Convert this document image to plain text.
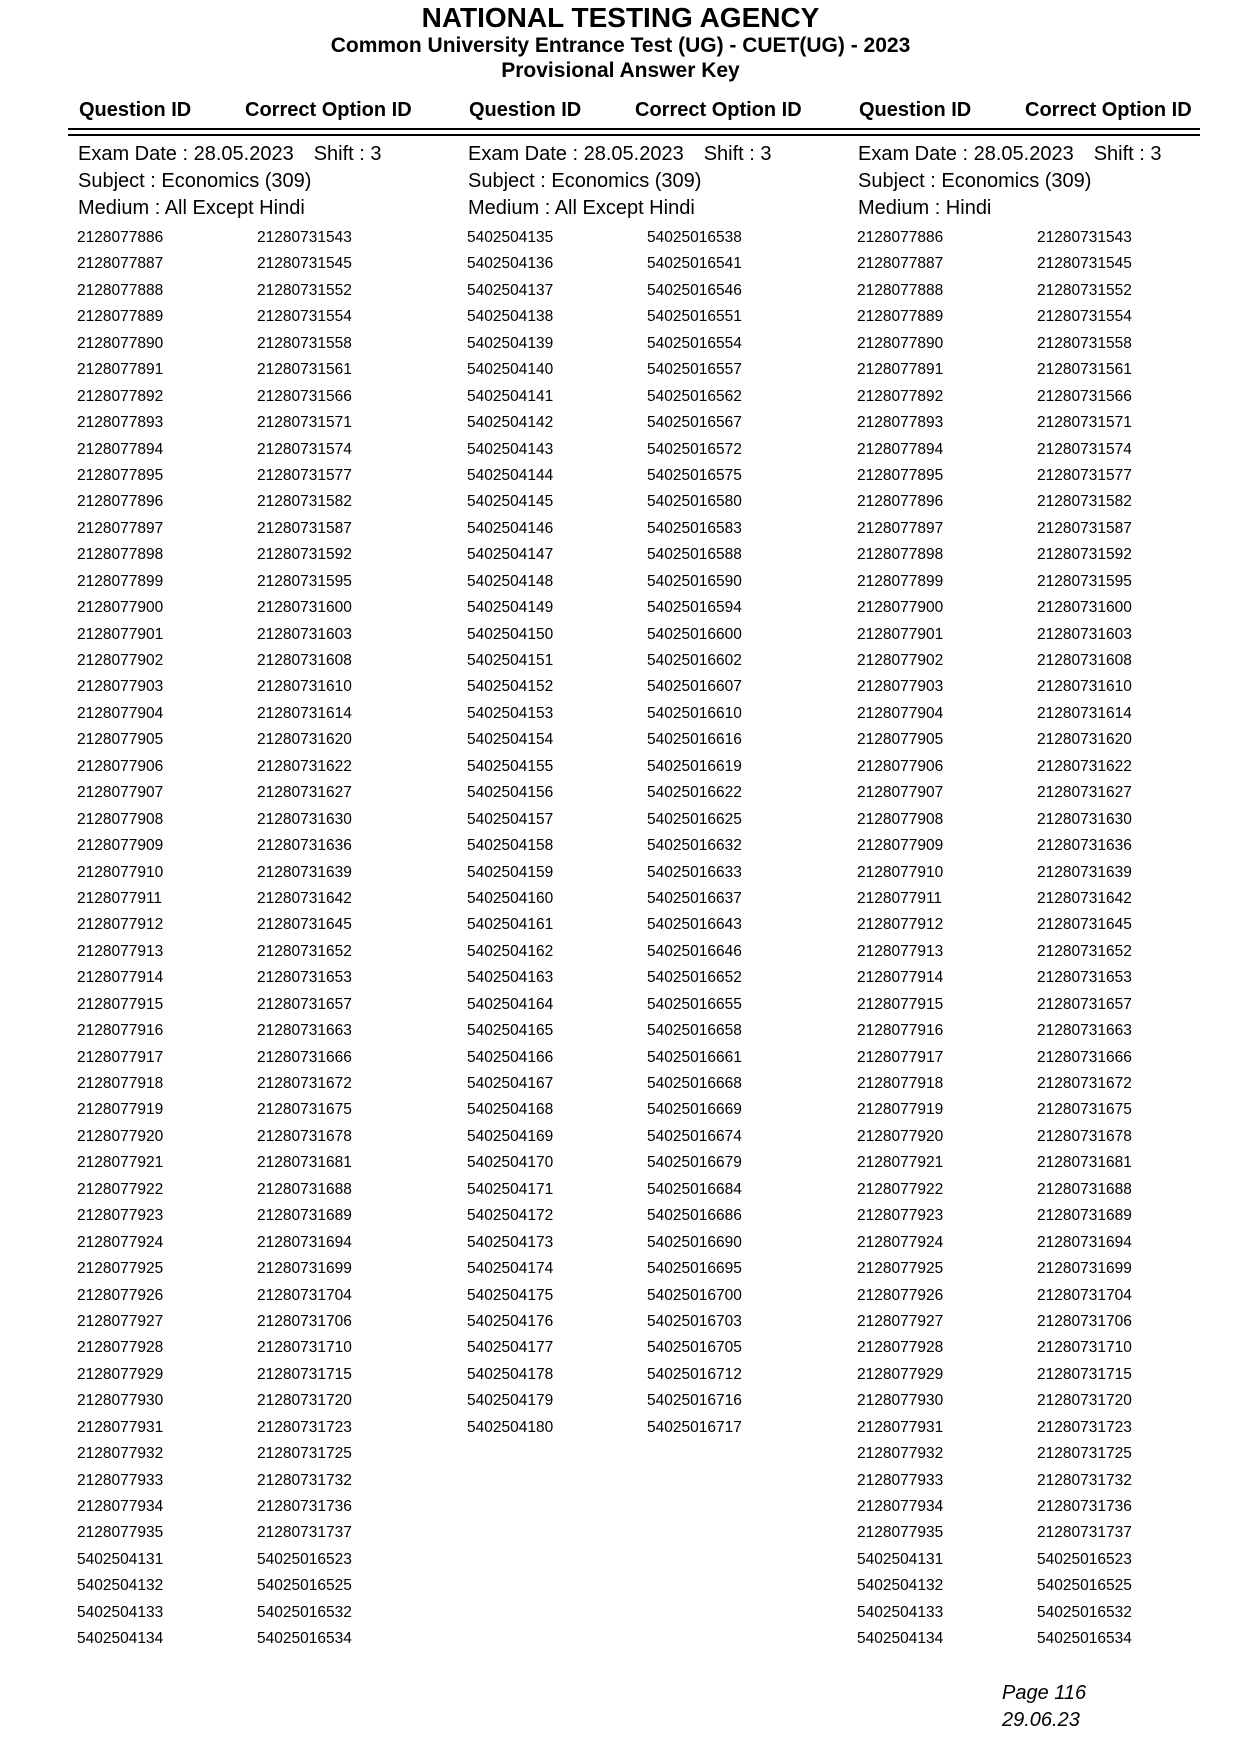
NATIONAL TESTING AGENCY
Common University Entrance Test (UG) - CUET(UG) - 2023
Provisional Answer Key
Question ID	Correct Option ID	Question ID	Correct Option ID	Question ID	Correct Option ID
Exam Date : 28.05.2023 Shift : 3
Subject : Economics (309)
Medium : All Except Hindi
2128077886	21280731543
2128077887	21280731545
2128077888	21280731552
2128077889	21280731554
2128077890	21280731558
2128077891	21280731561
2128077892	21280731566
2128077893	21280731571
2128077894	21280731574
2128077895	21280731577
2128077896	21280731582
2128077897	21280731587
2128077898	21280731592
2128077899	21280731595
2128077900	21280731600
2128077901	21280731603
2128077902	21280731608
2128077903	21280731610
2128077904	21280731614
2128077905	21280731620
2128077906	21280731622
2128077907	21280731627
2128077908	21280731630
2128077909	21280731636
2128077910	21280731639
2128077911	21280731642
2128077912	21280731645
2128077913	21280731652
2128077914	21280731653
2128077915	21280731657
2128077916	21280731663
2128077917	21280731666
2128077918	21280731672
2128077919	21280731675
2128077920	21280731678
2128077921	21280731681
2128077922	21280731688
2128077923	21280731689
2128077924	21280731694
2128077925	21280731699
2128077926	21280731704
2128077927	21280731706
2128077928	21280731710
2128077929	21280731715
2128077930	21280731720
2128077931	21280731723
2128077932	21280731725
2128077933	21280731732
2128077934	21280731736
2128077935	21280731737
5402504131	54025016523
5402504132	54025016525
5402504133	54025016532
5402504134	54025016534
Exam Date : 28.05.2023 Shift : 3
Subject : Economics (309)
Medium : All Except Hindi
5402504135	54025016538
5402504136	54025016541
5402504137	54025016546
5402504138	54025016551
5402504139	54025016554
5402504140	54025016557
5402504141	54025016562
5402504142	54025016567
5402504143	54025016572
5402504144	54025016575
5402504145	54025016580
5402504146	54025016583
5402504147	54025016588
5402504148	54025016590
5402504149	54025016594
5402504150	54025016600
5402504151	54025016602
5402504152	54025016607
5402504153	54025016610
5402504154	54025016616
5402504155	54025016619
5402504156	54025016622
5402504157	54025016625
5402504158	54025016632
5402504159	54025016633
5402504160	54025016637
5402504161	54025016643
5402504162	54025016646
5402504163	54025016652
5402504164	54025016655
5402504165	54025016658
5402504166	54025016661
5402504167	54025016668
5402504168	54025016669
5402504169	54025016674
5402504170	54025016679
5402504171	54025016684
5402504172	54025016686
5402504173	54025016690
5402504174	54025016695
5402504175	54025016700
5402504176	54025016703
5402504177	54025016705
5402504178	54025016712
5402504179	54025016716
5402504180	54025016717
Exam Date : 28.05.2023 Shift : 3
Subject : Economics (309)
Medium : Hindi
2128077886	21280731543
2128077887	21280731545
2128077888	21280731552
2128077889	21280731554
2128077890	21280731558
2128077891	21280731561
2128077892	21280731566
2128077893	21280731571
2128077894	21280731574
2128077895	21280731577
2128077896	21280731582
2128077897	21280731587
2128077898	21280731592
2128077899	21280731595
2128077900	21280731600
2128077901	21280731603
2128077902	21280731608
2128077903	21280731610
2128077904	21280731614
2128077905	21280731620
2128077906	21280731622
2128077907	21280731627
2128077908	21280731630
2128077909	21280731636
2128077910	21280731639
2128077911	21280731642
2128077912	21280731645
2128077913	21280731652
2128077914	21280731653
2128077915	21280731657
2128077916	21280731663
2128077917	21280731666
2128077918	21280731672
2128077919	21280731675
2128077920	21280731678
2128077921	21280731681
2128077922	21280731688
2128077923	21280731689
2128077924	21280731694
2128077925	21280731699
2128077926	21280731704
2128077927	21280731706
2128077928	21280731710
2128077929	21280731715
2128077930	21280731720
2128077931	21280731723
2128077932	21280731725
2128077933	21280731732
2128077934	21280731736
2128077935	21280731737
5402504131	54025016523
5402504132	54025016525
5402504133	54025016532
5402504134	54025016534
Page 116
29.06.23
